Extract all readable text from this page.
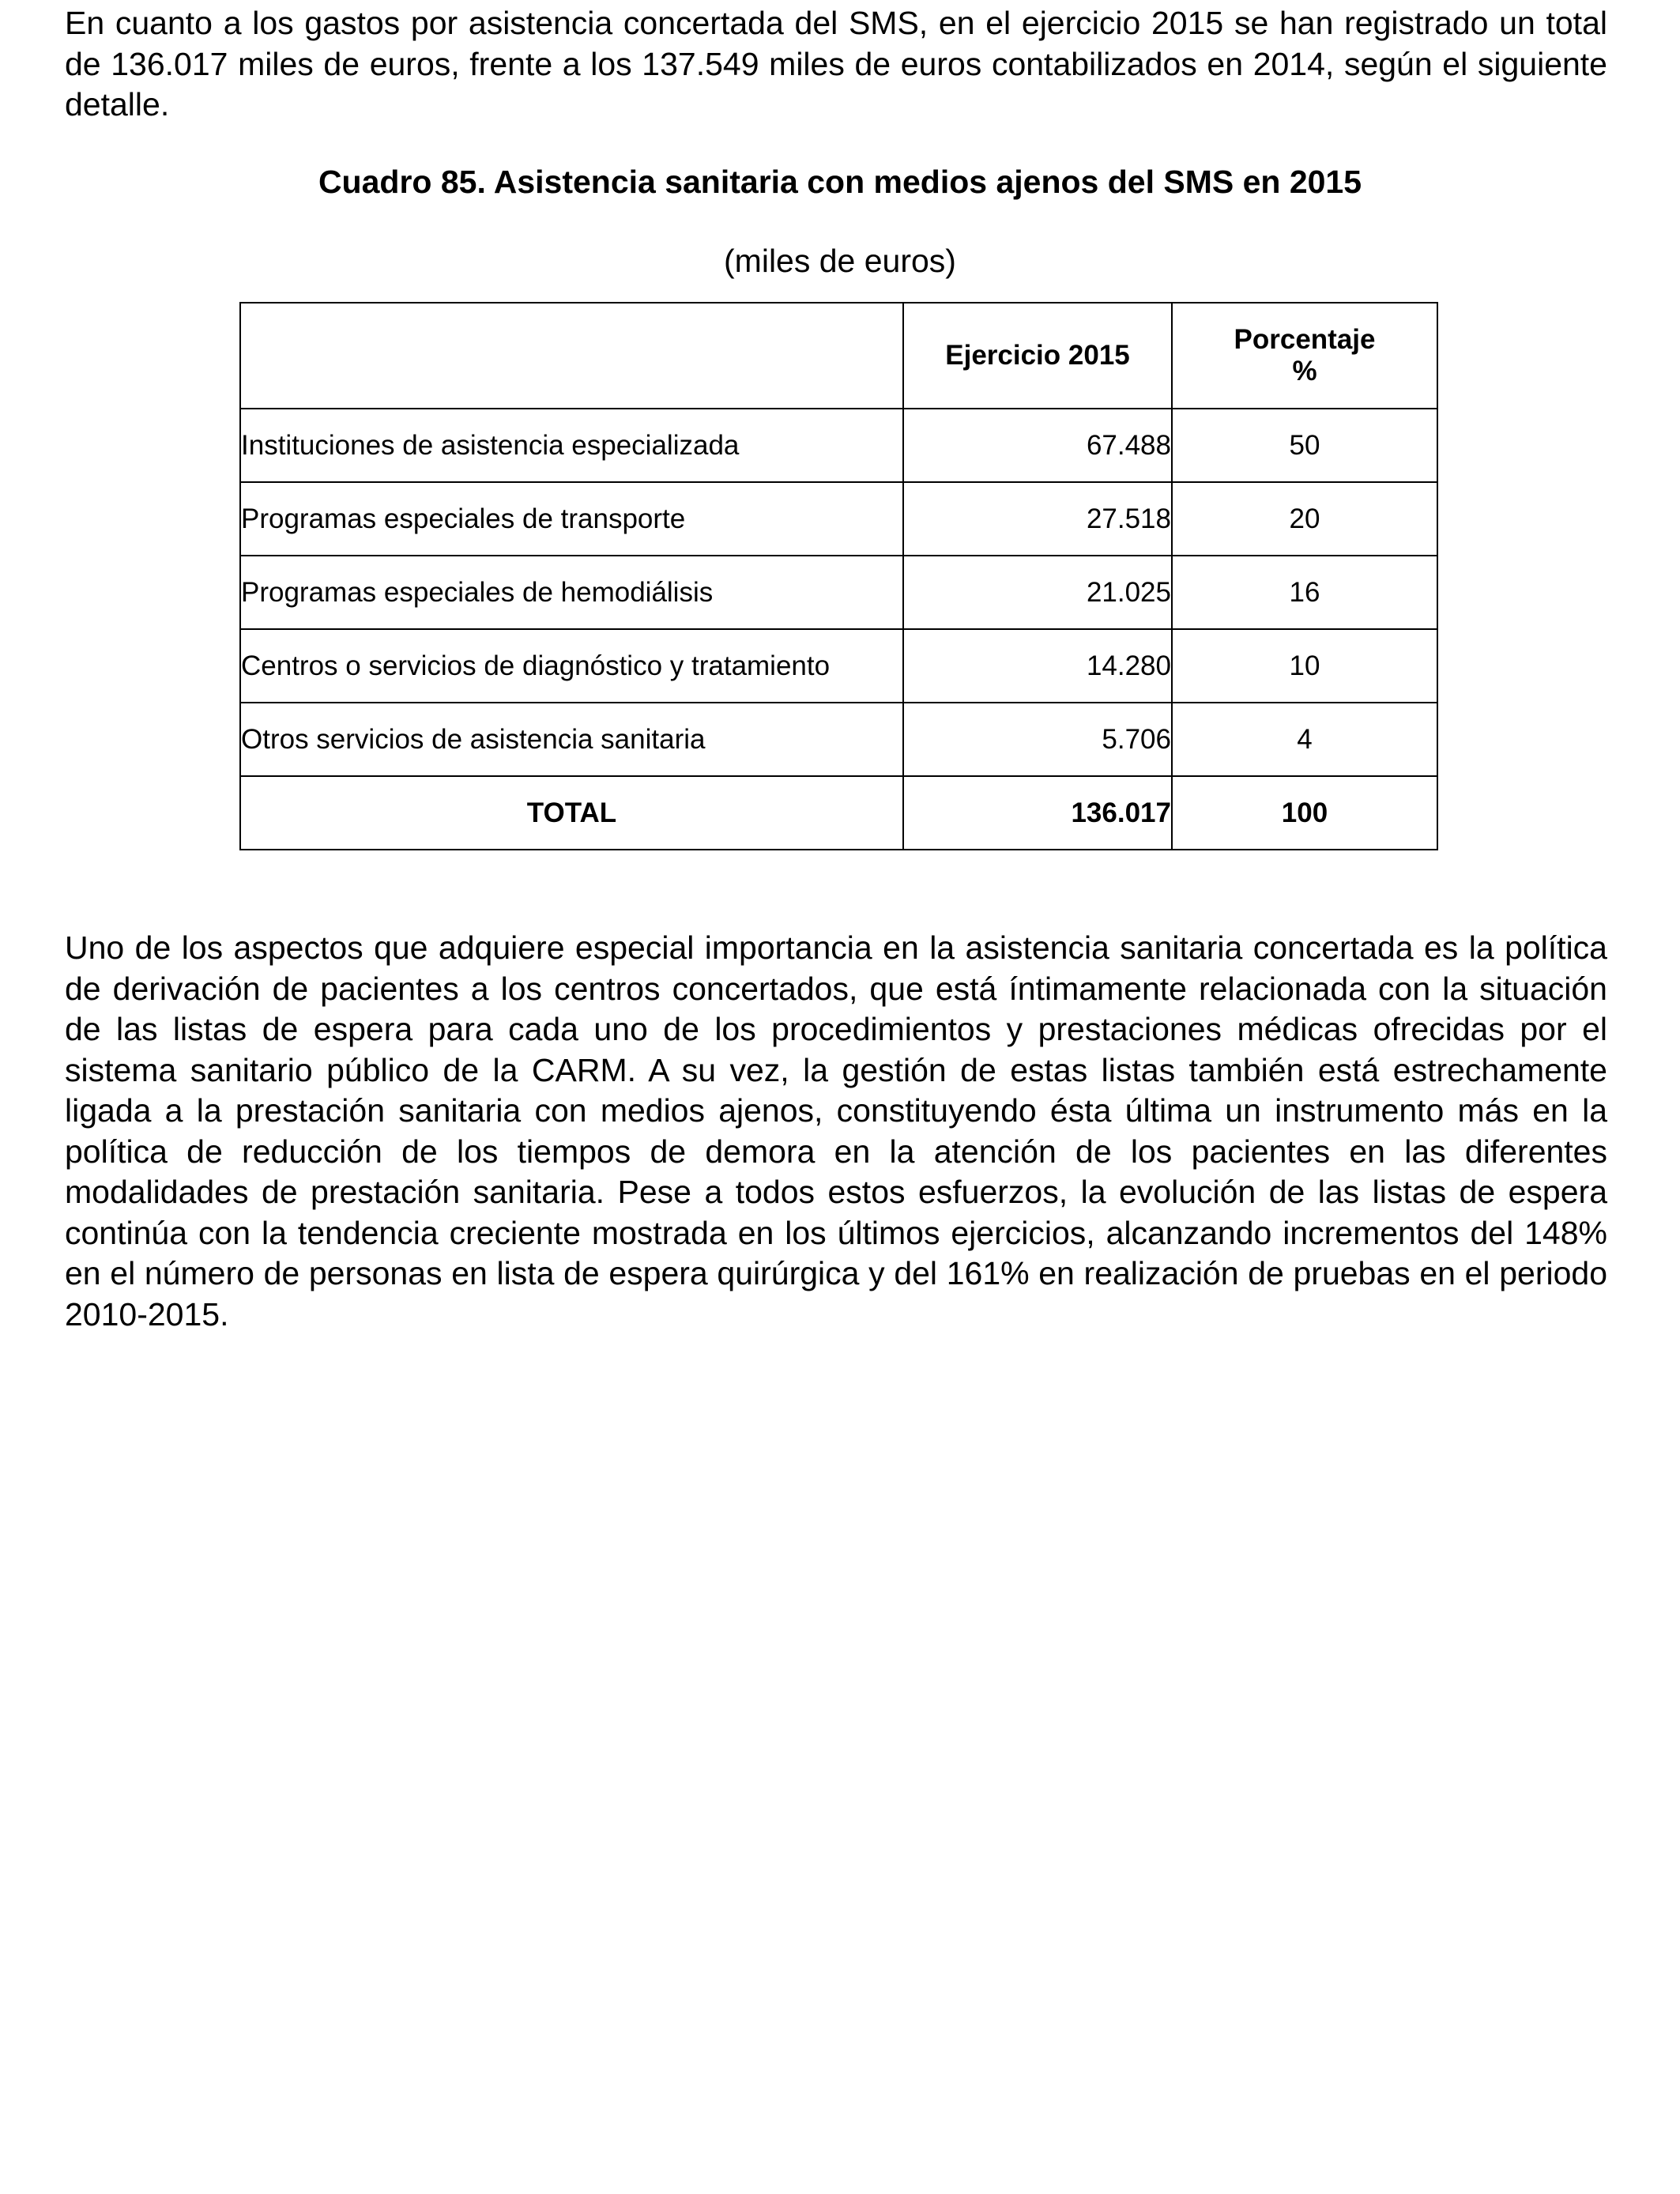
En cuanto a los gastos por asistencia concertada del SMS, en el ejercicio 2015 se han registrado un total de 136.017 miles de euros, frente a los 137.549 miles de euros contabilizados en 2014, según el siguiente detalle.

Cuadro 85. Asistencia sanitaria con medios ajenos del SMS en 2015

(miles de euros)

	Ejercicio 2015	Porcentaje
%
Instituciones de asistencia especializada	67.488	50
Programas especiales de transporte	27.518	20
Programas especiales de hemodiálisis	21.025	16
Centros o servicios de diagnóstico y tratamiento	14.280	10
Otros servicios de asistencia sanitaria	5.706	4
TOTAL	136.017	100

Uno de los aspectos que adquiere especial importancia en la asistencia sanitaria concertada es la política de derivación de pacientes a los centros concertados, que está íntimamente relacionada con la situación de las listas de espera para cada uno de los procedimientos y prestaciones médicas ofrecidas por el sistema sanitario público de la CARM. A su vez, la gestión de estas listas también está estrechamente ligada a la prestación sanitaria con medios ajenos, constituyendo ésta última un instrumento más en la política de reducción de los tiempos de demora en la atención de los pacientes en las diferentes modalidades de prestación sanitaria. Pese a todos estos esfuerzos, la evolución de las listas de espera continúa con la tendencia creciente mostrada en los últimos ejercicios, alcanzando incrementos del 148% en el número de personas en lista de espera quirúrgica y del 161% en realización de pruebas en el periodo 2010-2015.
